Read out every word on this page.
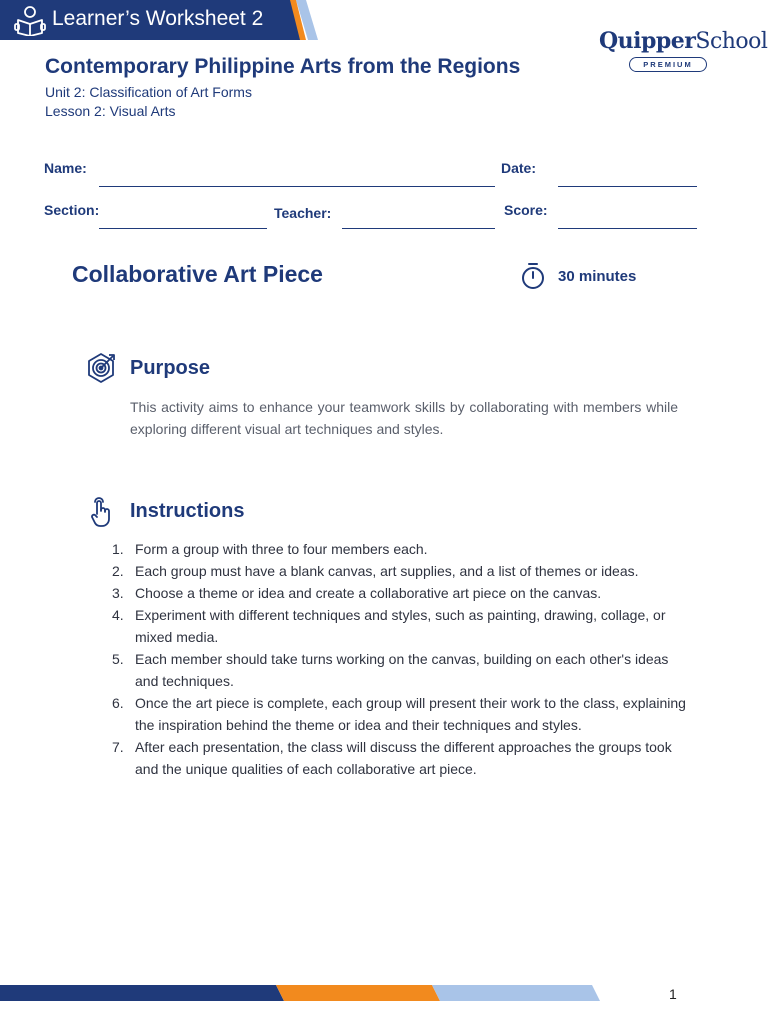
Learner’s Worksheet 2
QuipperSchool
PREMIUM
Contemporary Philippine Arts from the Regions
Unit 2: Classification of Art Forms
Lesson 2: Visual Arts
Name:	Date:
Section:	Teacher:	Score:
Collaborative Art Piece	30 minutes
Purpose
This activity aims to enhance your teamwork skills by collaborating with members while exploring different visual art techniques and styles.
Instructions
1. Form a group with three to four members each.
2. Each group must have a blank canvas, art supplies, and a list of themes or ideas.
3. Choose a theme or idea and create a collaborative art piece on the canvas.
4. Experiment with different techniques and styles, such as painting, drawing, collage, or mixed media.
5. Each member should take turns working on the canvas, building on each other's ideas and techniques.
6. Once the art piece is complete, each group will present their work to the class, explaining the inspiration behind the theme or idea and their techniques and styles.
7. After each presentation, the class will discuss the different approaches the groups took and the unique qualities of each collaborative art piece.
1
